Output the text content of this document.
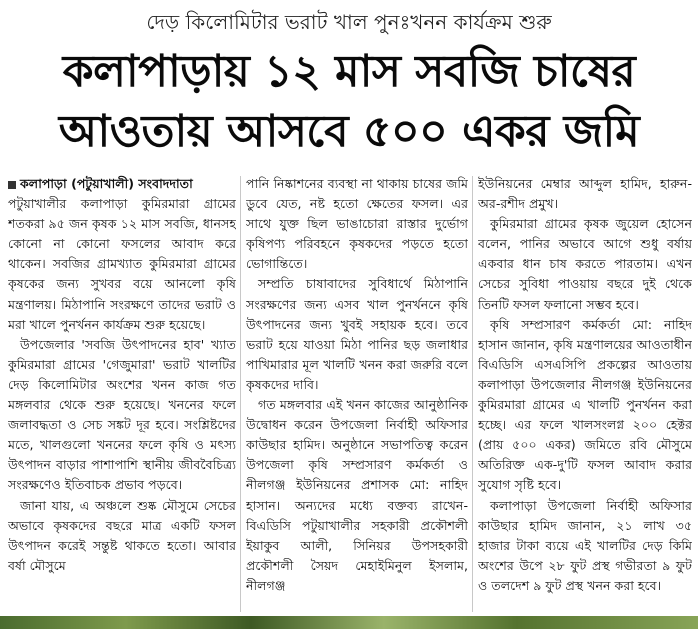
দেড় কিলোমিটার ভরাট খাল পুনঃখনন কার্যক্রম শুরু
কলাপাড়ায় ১২ মাস সবজি চাষের
আওতায় আসবে ৫০০ একর জমি

কলাপাড়া (পটুয়াখালী) সংবাদদাতা

পটুয়াখালীর কলাপাড়া কুমিরমারা গ্রামের শতকরা ৯৫ জন কৃষক ১২ মাস সবজি, ধানসহ কোনো না কোনো ফসলের আবাদ করে থাকেন। সবজির গ্রামখ্যাত কুমিরমারা গ্রামের কৃষকের জন্য সুখবর বয়ে আনলো কৃষি মন্ত্রণালয়। মিঠাপানি সংরক্ষণে তাদের ভরাট ও মরা খালে পুনর্খনন কার্যক্রম শুরু হয়েছে।

উপজেলার 'সবজি উৎপাদনের হাব' খ্যাত কুমিরমারা গ্রামের 'গেজুমারা' ভরাট খালটির দেড় কিলোমিটার অংশের খনন কাজ গত মঙ্গলবার থেকে শুরু হয়েছে। খননের ফলে জলাবদ্ধতা ও সেচ সঙ্কট দূর হবে। সংশ্লিষ্টদের মতে, খালগুলো খননের ফলে কৃষি ও মৎস্য উৎপাদন বাড়ার পাশাপাশি স্থানীয় জীববৈচিত্র্য সংরক্ষণেও ইতিবাচক প্রভাব পড়বে।

জানা যায়, এ অঞ্চলে শুষ্ক মৌসুমে সেচের অভাবে কৃষকদের বছরে মাত্র একটি ফসল উৎপাদন করেই সন্তুষ্ট থাকতে হতো। আবার বর্ষা মৌসুমে

পানি নিষ্কাশনের ব্যবস্থা না থাকায় চাষের জমি ডুবে যেত, নষ্ট হতো ক্ষেতের ফসল। এর সাথে যুক্ত ছিল ভাঙাচোরা রাস্তার দুর্ভোগ কৃষিপণ্য পরিবহনে কৃষকদের পড়তে হতো ভোগান্তিতে।

সম্প্রতি চাষাবাদের সুবিধার্থে মিঠাপানি সংরক্ষণের জন্য এসব খাল পুনর্খননে কৃষি উৎপাদনের জন্য খুবই সহায়ক হবে। তবে ভরাট হয়ে যাওয়া মিঠা পানির ছড় জলাধার পাখিমারার মূল খালটি খনন করা জরুরি বলে কৃষকদের দাবি।

গত মঙ্গলবার এই খনন কাজের আনুষ্ঠানিক উদ্বোধন করেন উপজেলা নির্বাহী অফিসার কাউছার হামিদ। অনুষ্ঠানে সভাপতিত্ব করেন উপজেলা কৃষি সম্প্রসারণ কর্মকর্তা ও নীলগঞ্জ ইউনিয়নের প্রশাসক মো: নাহিদ হাসান। অন্যদের মধ্যে বক্তব্য রাখেন- বিএডিসি পটুয়াখালীর সহকারী প্রকৌশলী ইয়াকুব আলী, সিনিয়র উপসহকারী প্রকৌশলী সৈয়দ মেহাইমিনুল ইসলাম, নীলগঞ্জ

ইউনিয়নের মেম্বার আব্দুল হামিদ, হারুন-অর-রশীদ প্রমুখ।

কুমিরমারা গ্রামের কৃষক জুয়েল হোসেন বলেন, পানির অভাবে আগে শুধু বর্ষায় একবার ধান চাষ করতে পারতাম। এখন সেচের সুবিধা পাওয়ায় বছরে দুই থেকে তিনটি ফসল ফলানো সম্ভব হবে।

কৃষি সম্প্রসারণ কর্মকর্তা মো: নাহিদ হাসান জানান, কৃষি মন্ত্রণালয়ের আওতাধীন বিএডিসি এসএসিপি প্রকল্পের আওতায় কলাপাড়া উপজেলার নীলগঞ্জ ইউনিয়নের কুমিরমারা গ্রামের এ খালটি পুনর্খনন করা হচ্ছে। এর ফলে খালসংলগ্ন ২০০ হেক্টর (প্রায় ৫০০ একর) জমিতে রবি মৌসুমে অতিরিক্ত এক-দু'টি ফসল আবাদ করার সুযোগ সৃষ্টি হবে।

কলাপাড়া উপজেলা নির্বাহী অফিসার কাউছার হামিদ জানান, ২১ লাখ ৩৫ হাজার টাকা ব্যয়ে এই খালটির দেড় কিমি অংশের উপে ২৮ ফুট প্রস্থ গভীরতা ৯ ফুট ও তলদেশ ৯ ফুট প্রস্থ খনন করা হবে।
